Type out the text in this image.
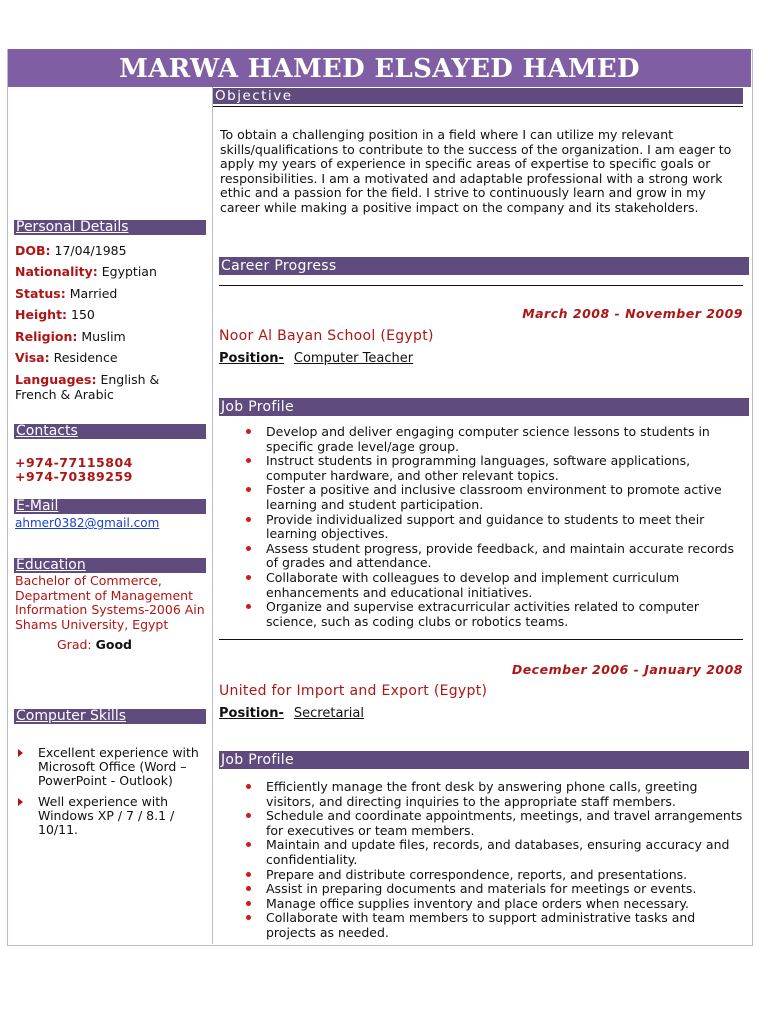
MARWA HAMED ELSAYED HAMED
Personal Details
DOB: 17/04/1985
Nationality: Egyptian
Status: Married
Height: 150
Religion: Muslim
Visa: Residence
Languages: English & French & Arabic
Contacts
+974-77115804
+974-70389259
E-Mail
ahmer0382@gmail.com
Education
Bachelor of Commerce, Department of Management Information Systems-2006 Ain Shams University, Egypt
Grad: Good
Computer Skills
Excellent experience with Microsoft Office (Word – PowerPoint - Outlook)
Well experience with Windows XP / 7 / 8.1 / 10/11.
Objective
To obtain a challenging position in a field where I can utilize my relevant skills/qualifications to contribute to the success of the organization. I am eager to apply my years of experience in specific areas of expertise to specific goals or responsibilities. I am a motivated and adaptable professional with a strong work ethic and a passion for the field. I strive to continuously learn and grow in my career while making a positive impact on the company and its stakeholders.
Career Progress
March 2008 - November 2009
Noor Al Bayan School (Egypt)
Position- Computer Teacher
Job Profile
Develop and deliver engaging computer science lessons to students in specific grade level/age group.
Instruct students in programming languages, software applications, computer hardware, and other relevant topics.
Foster a positive and inclusive classroom environment to promote active learning and student participation.
Provide individualized support and guidance to students to meet their learning objectives.
Assess student progress, provide feedback, and maintain accurate records of grades and attendance.
Collaborate with colleagues to develop and implement curriculum enhancements and educational initiatives.
Organize and supervise extracurricular activities related to computer science, such as coding clubs or robotics teams.
December 2006 - January 2008
United for Import and Export (Egypt)
Position- Secretarial
Job Profile
Efficiently manage the front desk by answering phone calls, greeting visitors, and directing inquiries to the appropriate staff members.
Schedule and coordinate appointments, meetings, and travel arrangements for executives or team members.
Maintain and update files, records, and databases, ensuring accuracy and confidentiality.
Prepare and distribute correspondence, reports, and presentations.
Assist in preparing documents and materials for meetings or events.
Manage office supplies inventory and place orders when necessary.
Collaborate with team members to support administrative tasks and projects as needed.
